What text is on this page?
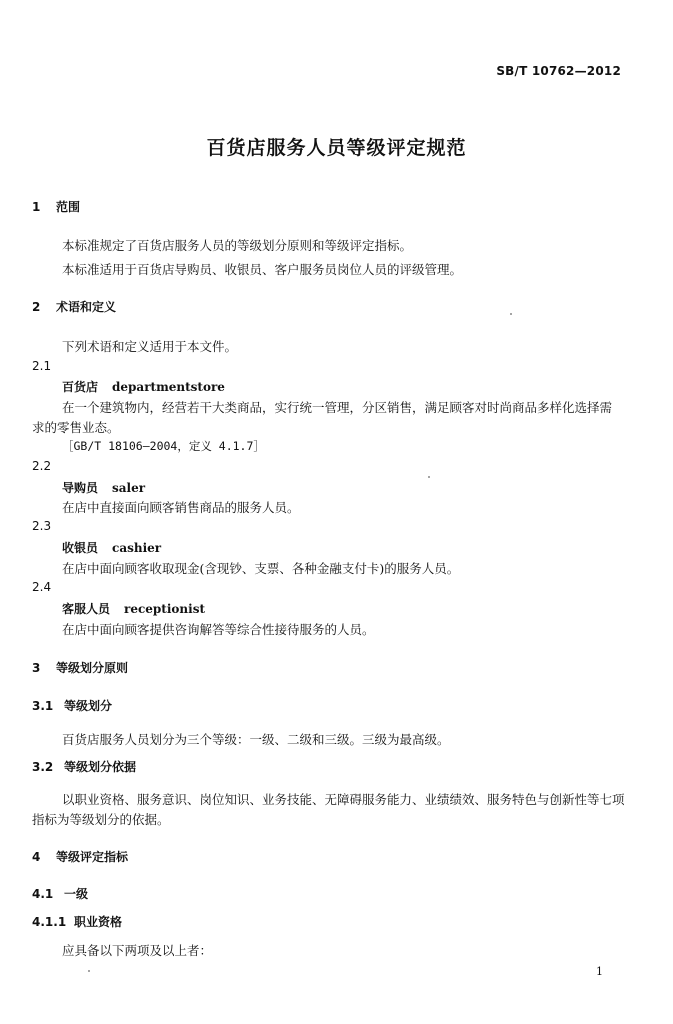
SB/T 10762—2012
百货店服务人员等级评定规范
1 范围
本标准规定了百货店服务人员的等级划分原则和等级评定指标。
本标准适用于百货店导购员、收银员、客户服务员岗位人员的评级管理。
2 术语和定义
下列术语和定义适用于本文件。
2.1
百货店 departmentstore
在一个建筑物内，经营若干大类商品，实行统一管理，分区销售，满足顾客对时尚商品多样化选择需
求的零售业态。
［GB/T 18106—2004，定义 4.1.7］
2.2
导购员 saler
在店中直接面向顾客销售商品的服务人员。
2.3
收银员 cashier
在店中面向顾客收取现金(含现钞、支票、各种金融支付卡)的服务人员。
2.4
客服人员 receptionist
在店中面向顾客提供咨询解答等综合性接待服务的人员。
3 等级划分原则
3.1 等级划分
百货店服务人员划分为三个等级：一级、二级和三级。三级为最高级。
3.2 等级划分依据
以职业资格、服务意识、岗位知识、业务技能、无障碍服务能力、业绩绩效、服务特色与创新性等七项
指标为等级划分的依据。
4 等级评定指标
4.1 一级
4.1.1 职业资格
应具备以下两项及以上者：
1
